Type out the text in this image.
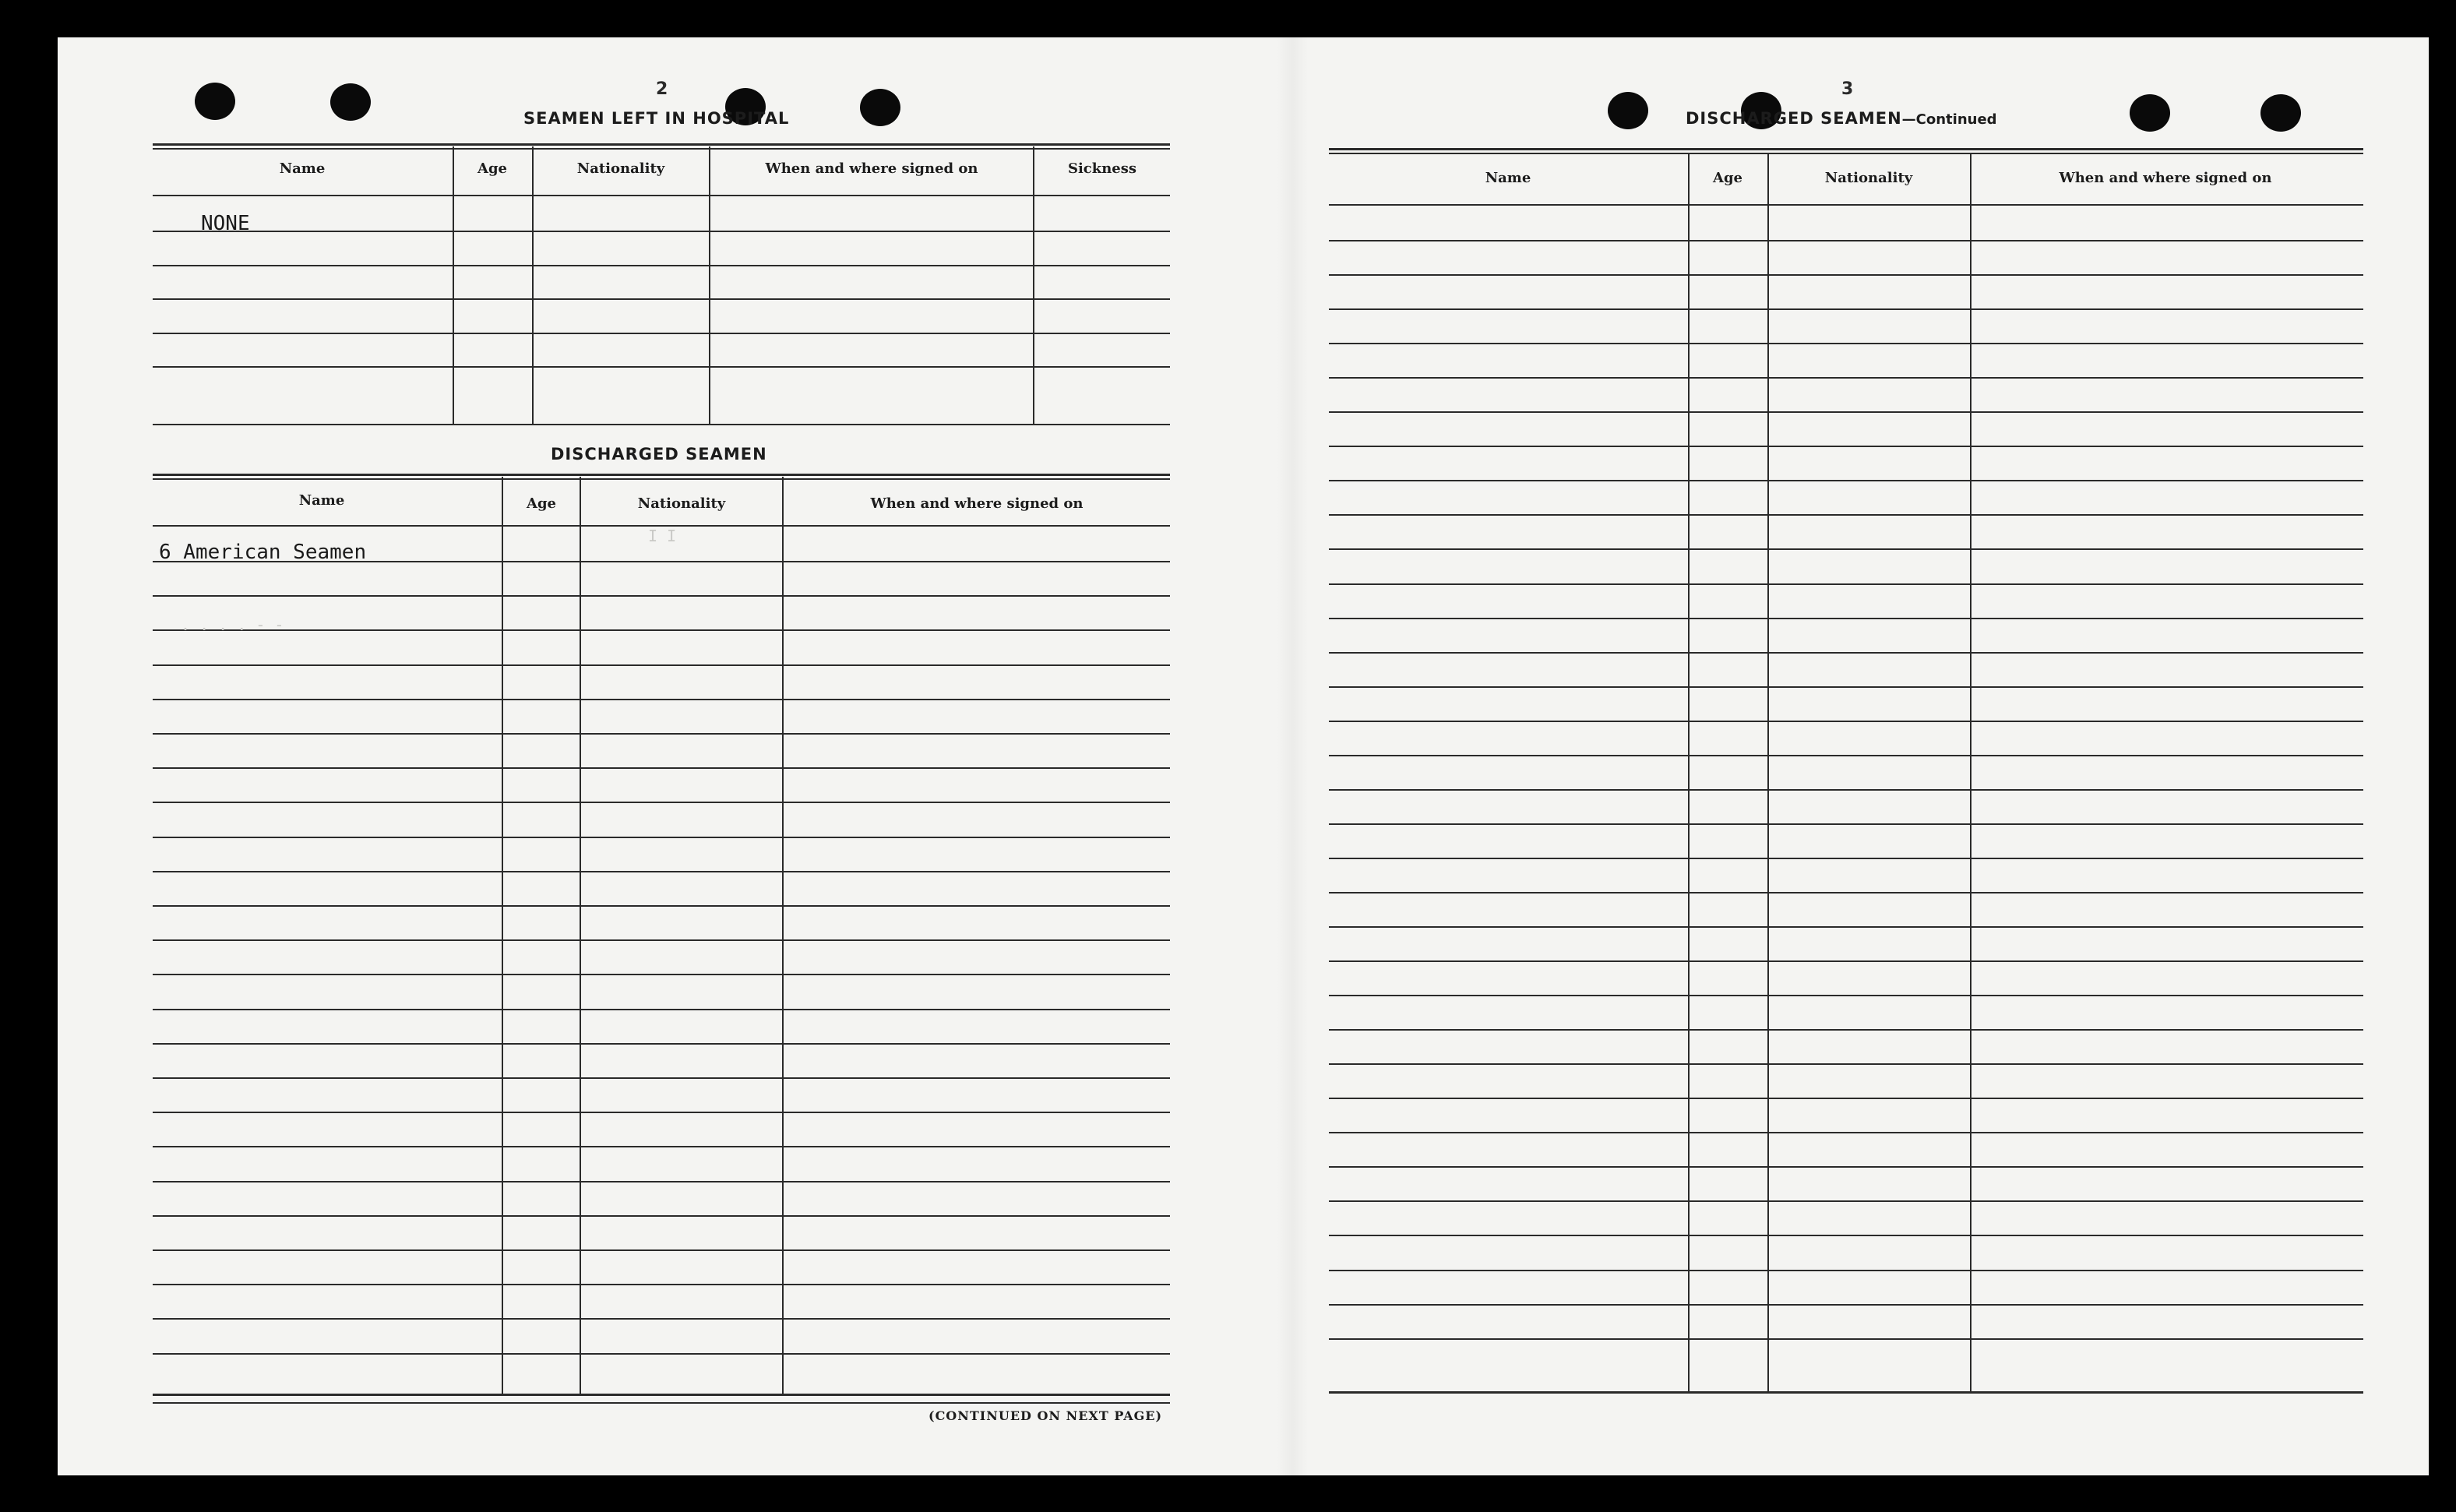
2
SEAMEN LEFT IN HOSPITAL
Name	Age	Nationality	When and where signed on	Sickness
NONE
DISCHARGED SEAMEN
Name	Age	Nationality	When and where signed on
6 American Seamen
I I
. . . . - -
(CONTINUED ON NEXT PAGE)
3
DISCHARGED SEAMEN—Continued
Name	Age	Nationality	When and where signed on
